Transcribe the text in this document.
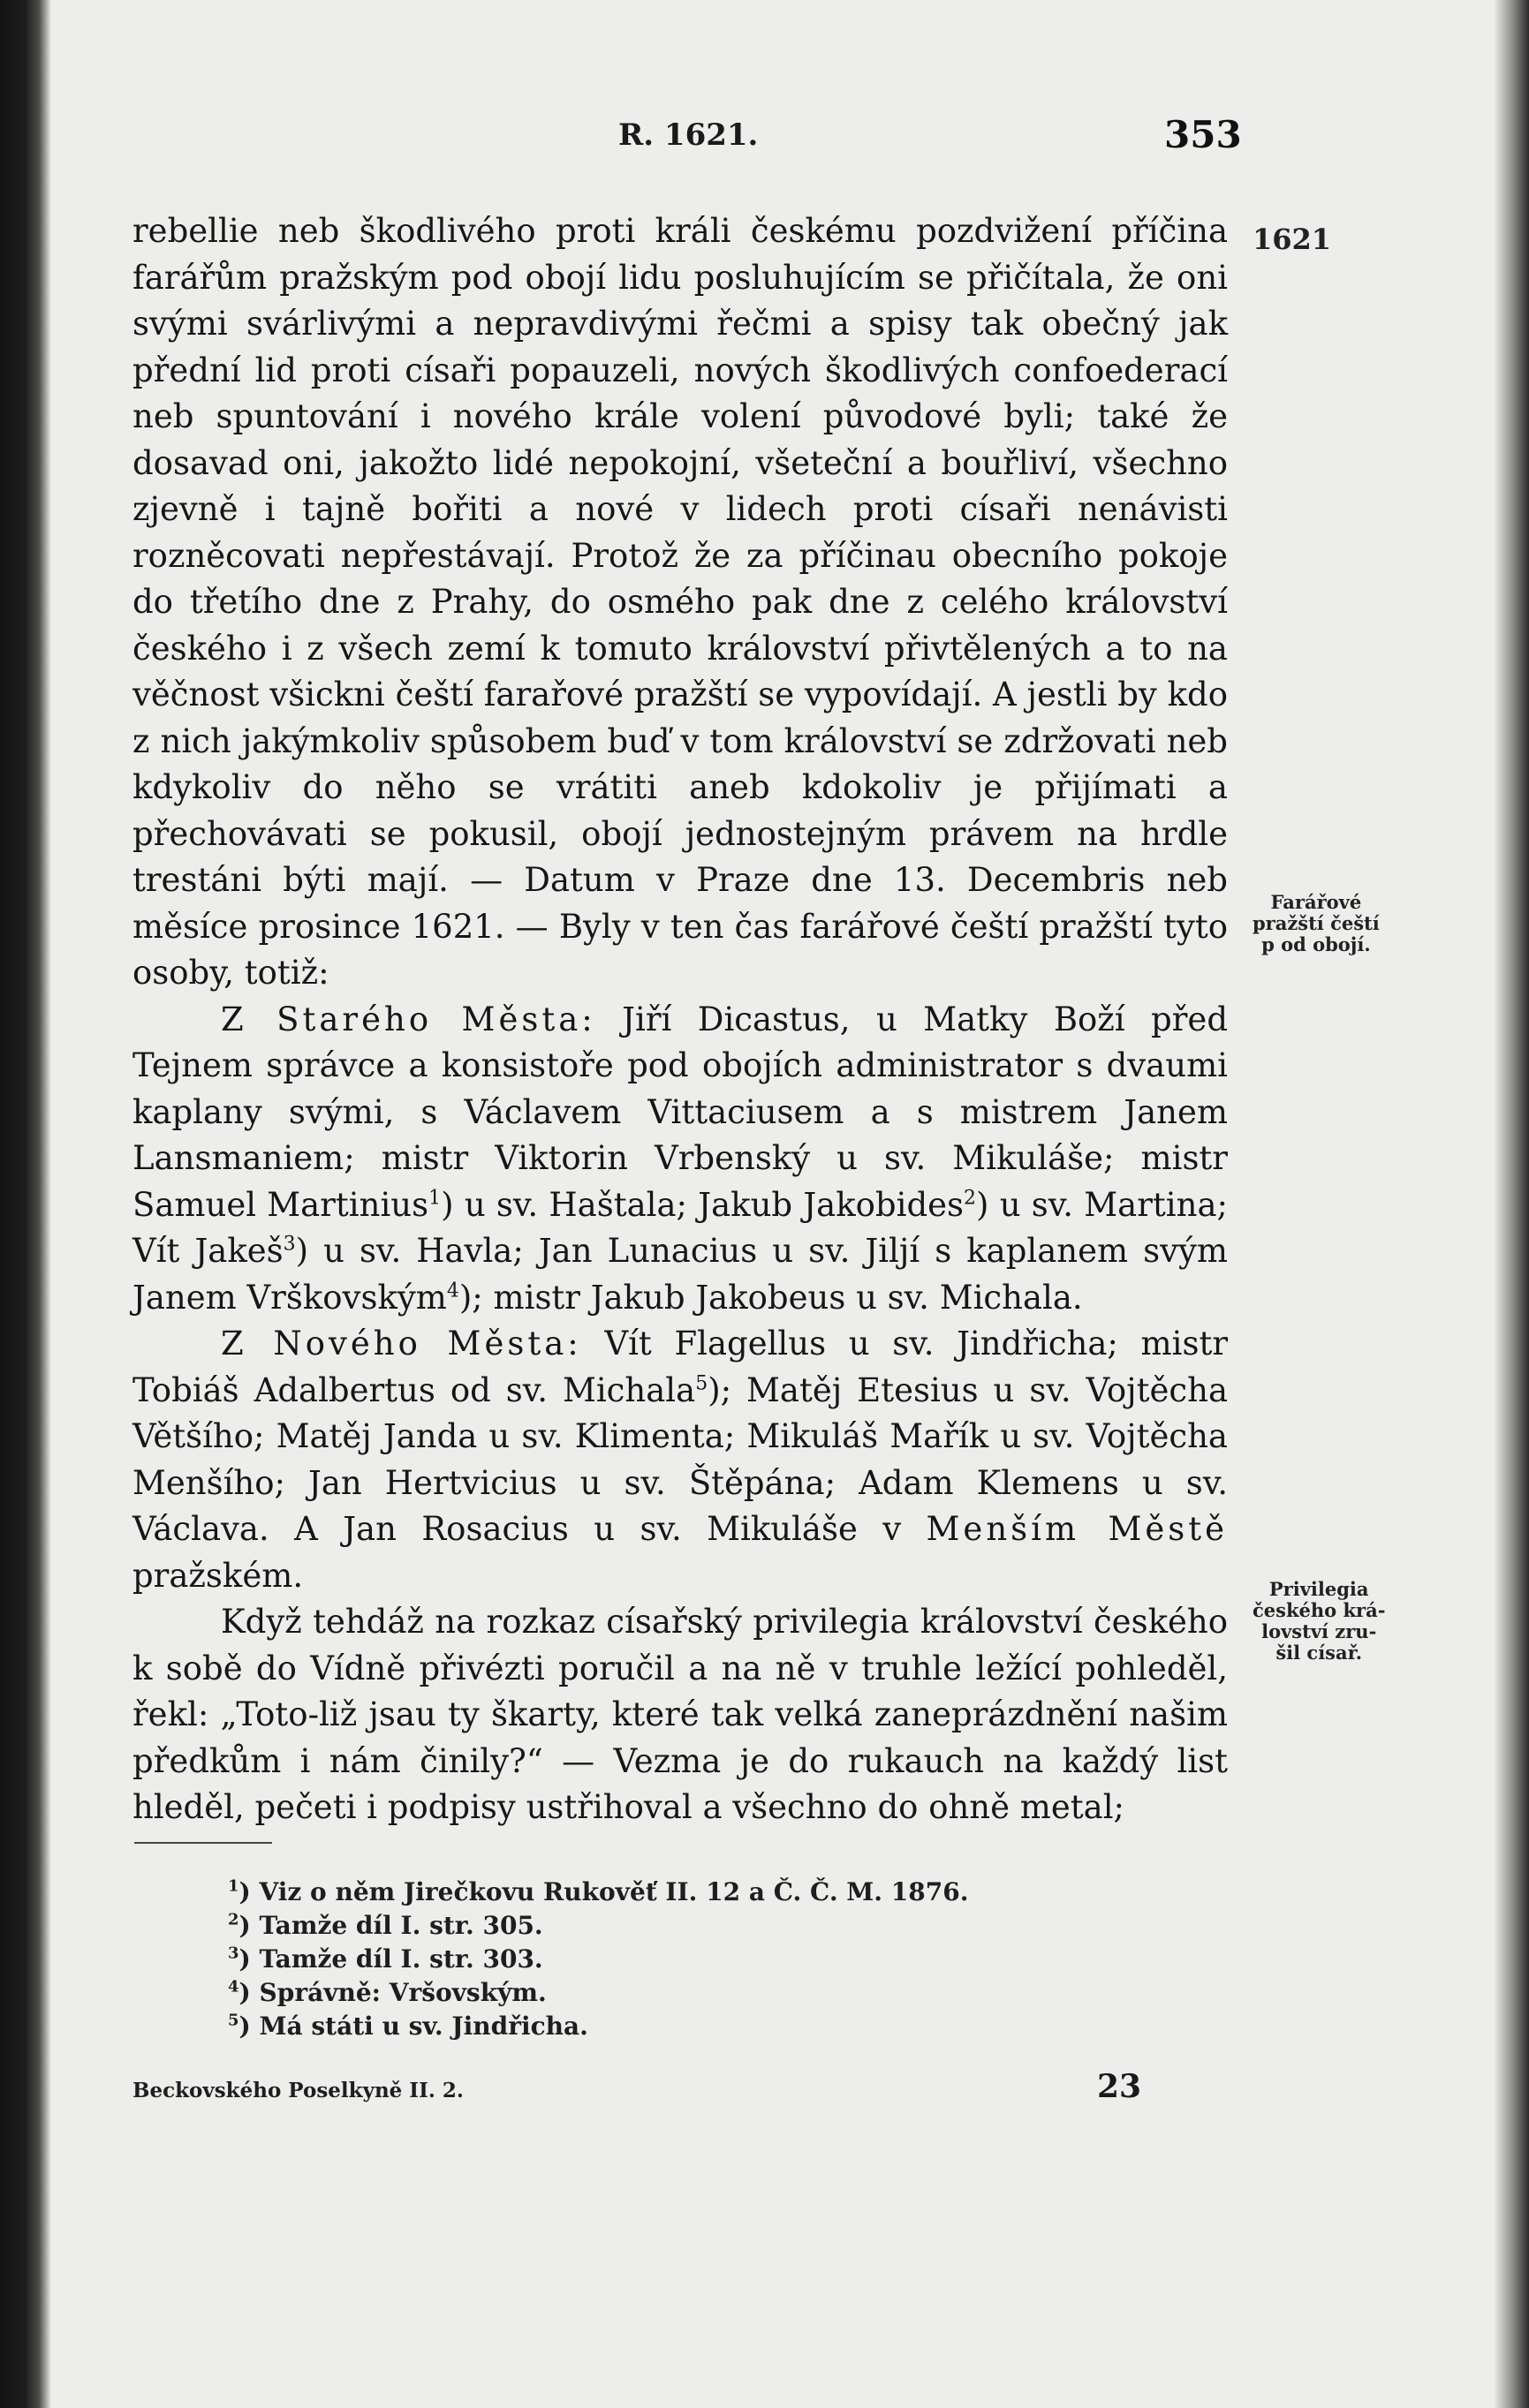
R. 1621.	353

rebellie neb škodlivého proti králi českému pozdvižení příčina farářům pražským pod obojí lidu posluhujícím se přičítala, že oni svými svárlivými a nepravdivými řečmi a spisy tak obečný jak přední lid proti císaři popauzeli, nových škodlivých confoederací neb spuntování i nového krále volení původové byli; také že dosavad oni, jakožto lidé nepokojní, všeteční a bouřliví, všechno zjevně i tajně bořiti a nové v lidech proti císaři nenávisti rozněcovati nepřestávají. Protož že za příčinau obecního pokoje do třetího dne z Prahy, do osmého pak dne z celého království českého i z všech zemí k tomuto království přivtělených a to na věčnost všickni čeští farařové pražští se vypovídají. A jestli by kdo z nich jakýmkoliv spůsobem buď v tom království se zdržovati neb kdykoliv do něho se vrátiti aneb kdokoliv je přijímati a přechovávati se pokusil, obojí jednostejným právem na hrdle trestáni býti mají. — Datum v Praze dne 13. Decembris neb měsíce prosince 1621. — Byly v ten čas farářové čeští pražští tyto osoby, totiž:

Z Starého Města: Jiří Dicastus, u Matky Boží před Tejnem správce a konsistoře pod obojích administrator s dvaumi kaplany svými, s Václavem Vittaciusem a s mistrem Janem Lansmaniem; mistr Viktorin Vrbenský u sv. Mikuláše; mistr Samuel Martinius$^1$) u sv. Haštala; Jakub Jakobides$^2$) u sv. Martina; Vít Jakeš$^3$) u sv. Havla; Jan Lunacius u sv. Jiljí s kaplanem svým Janem Vrškovským$^4$); mistr Jakub Jakobeus u sv. Michala.

Z Nového Města: Vít Flagellus u sv. Jindřicha; mistr Tobiáš Adalbertus od sv. Michala$^5$); Matěj Etesius u sv. Vojtěcha Většího; Matěj Janda u sv. Klimenta; Mikuláš Mařík u sv. Vojtěcha Menšího; Jan Hertvicius u sv. Štěpána; Adam Klemens u sv. Václava. A Jan Rosacius u sv. Mikuláše v Menším Městě pražském.

Když tehdáž na rozkaz císařský privilegia království českého k sobě do Vídně přivézti poručil a na ně v truhle ležící pohleděl, řekl: „Toto-liž jsau ty škarty, které tak velká zaneprázdnění našim předkům i nám činily?“ — Vezma je do rukauch na každý list hleděl, pečeti i podpisy ustřihoval a všechno do ohně metal;

1621
Farářové
pražští čeští
p od obojí.
Privilegia
českého krá-
lovství zru-
šil císař.
$^1$) Viz o něm Jirečkovu Rukověť II. 12 a Č. Č. M. 1876.
$^2$) Tamže díl I. str. 305.
$^3$) Tamže díl I. str. 303.
$^4$) Správně: Vršovským.
$^5$) Má státi u sv. Jindřicha.
Beckovského Poselkyně II. 2.	23
